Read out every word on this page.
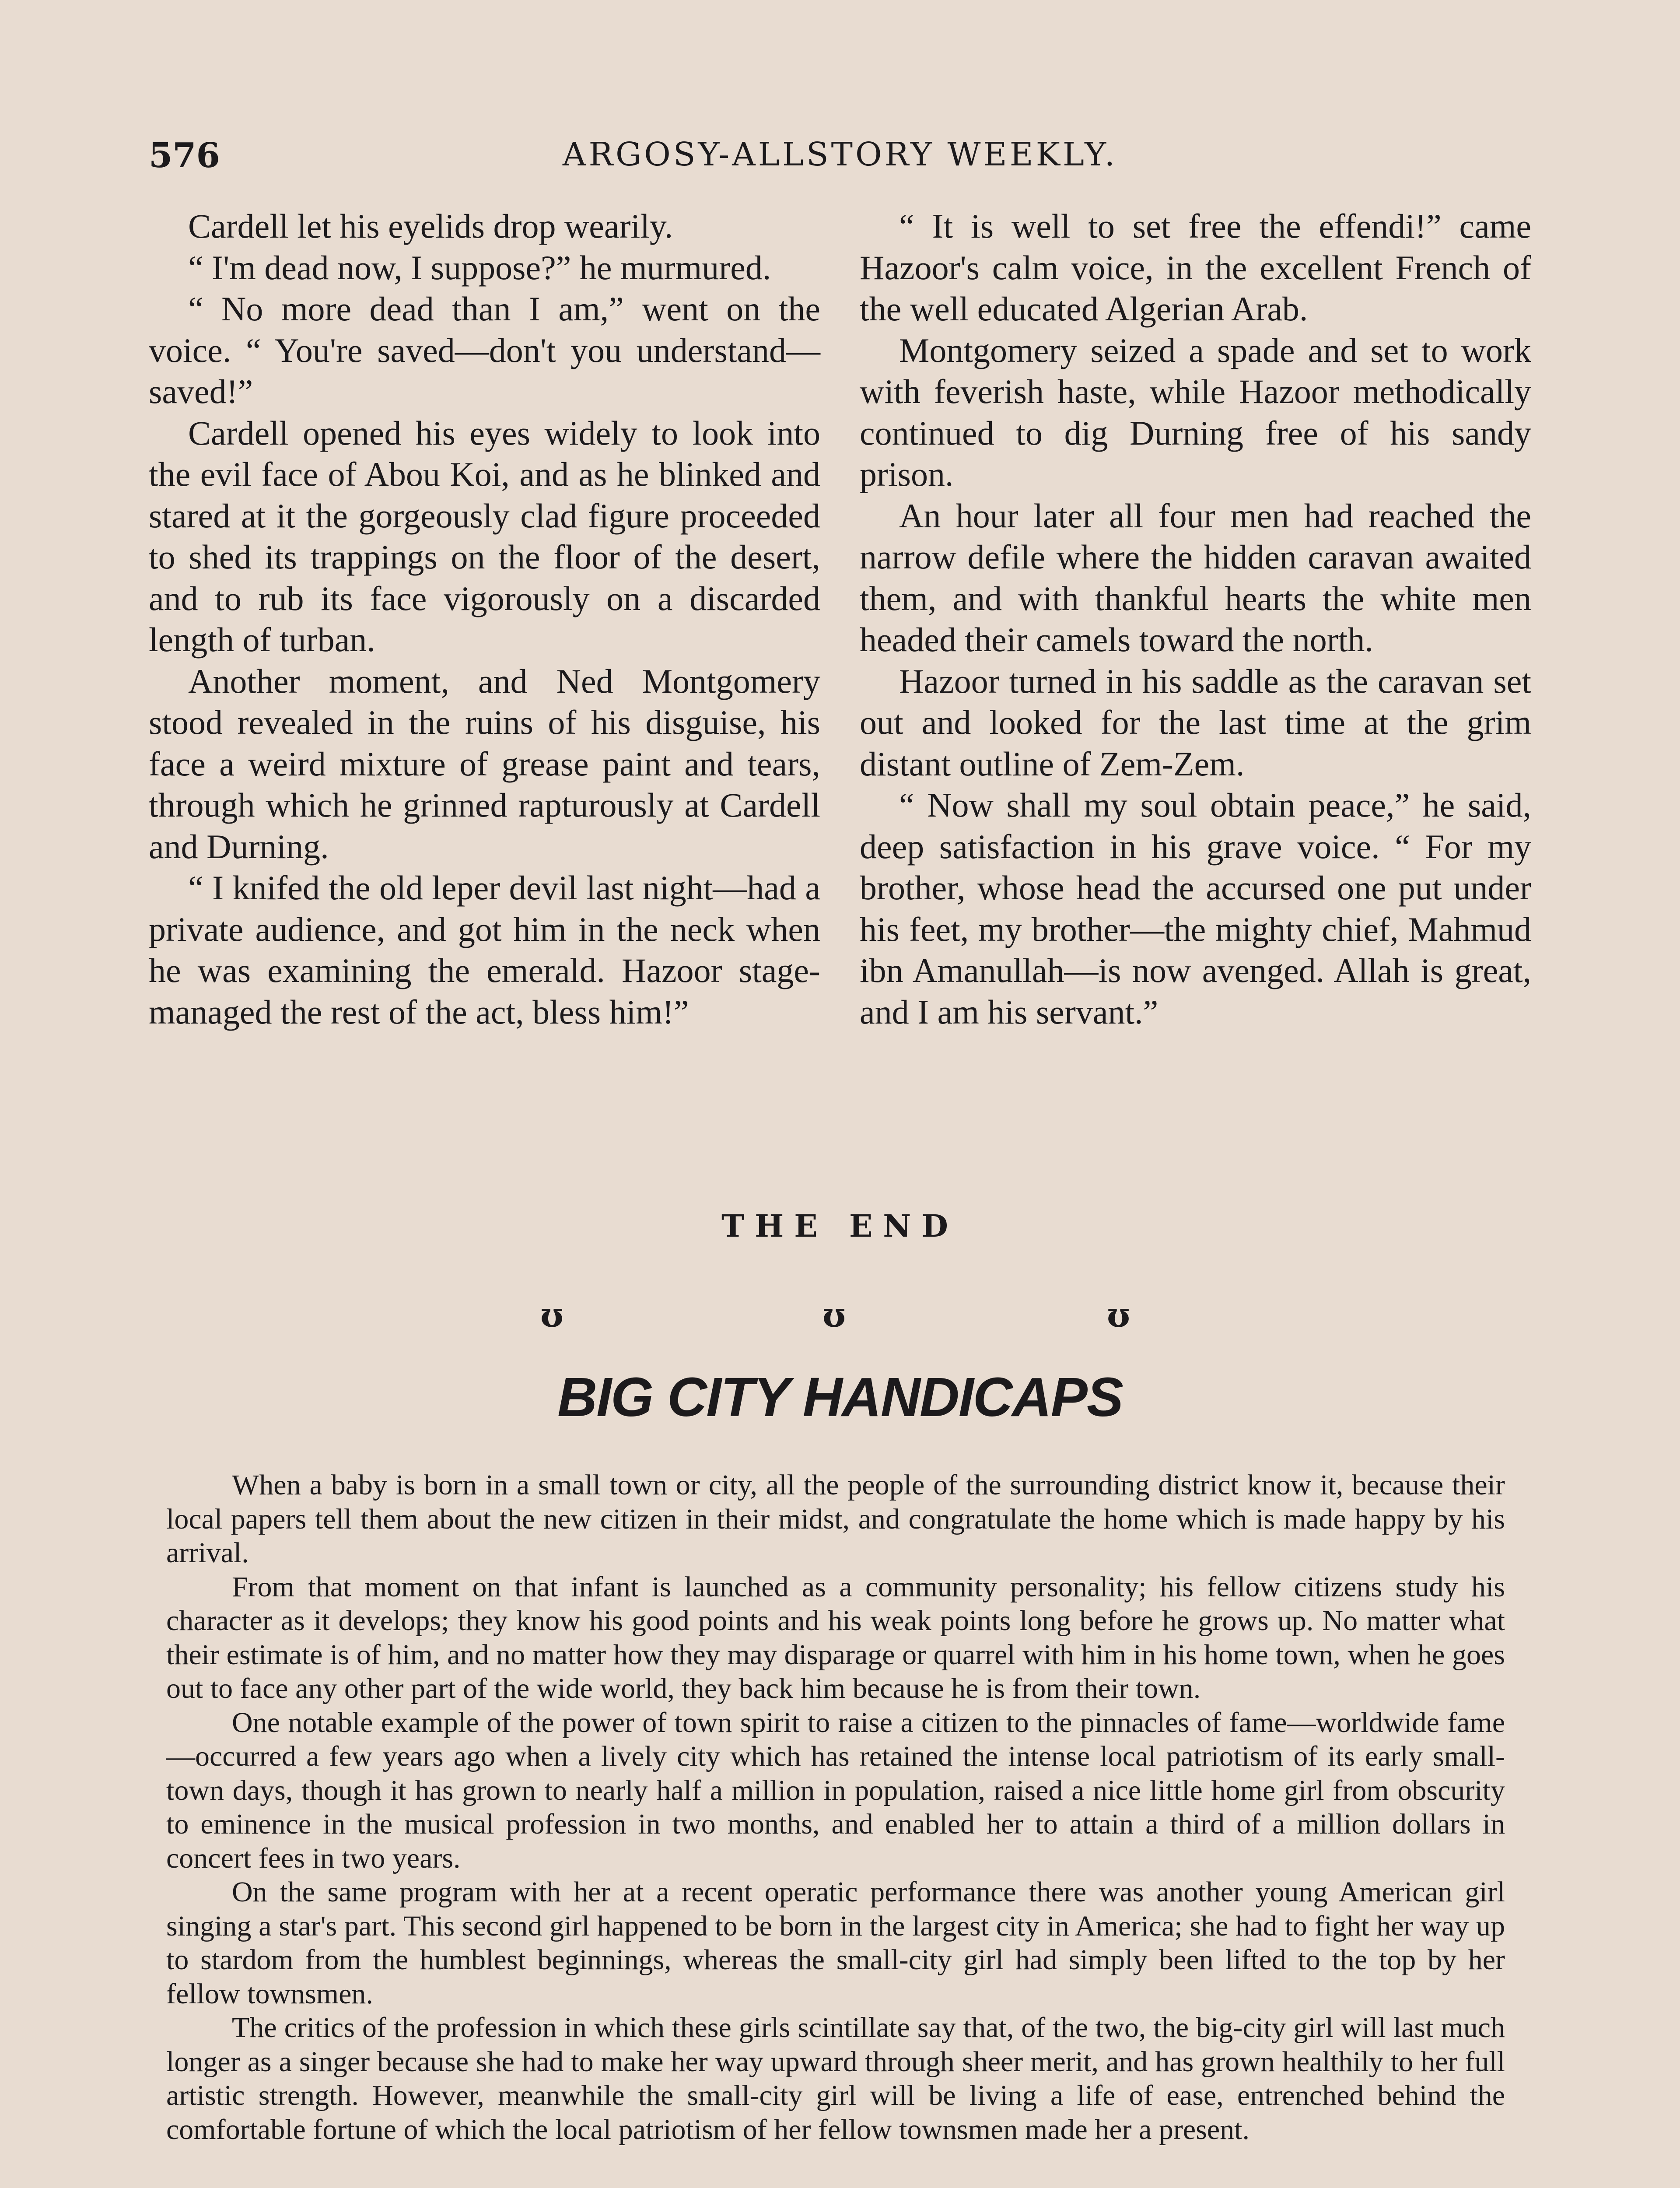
576	ARGOSY-ALLSTORY WEEKLY.

Cardell let his eyelids drop wearily.

“ I'm dead now, I suppose?” he murmured.

“ No more dead than I am,” went on the voice. “ You're saved—don't you understand—saved!”

Cardell opened his eyes widely to look into the evil face of Abou Koi, and as he blinked and stared at it the gorgeously clad figure proceeded to shed its trappings on the floor of the desert, and to rub its face vigorously on a discarded length of turban.

Another moment, and Ned Montgomery stood revealed in the ruins of his disguise, his face a weird mixture of grease paint and tears, through which he grinned rapturously at Cardell and Durning.

“ I knifed the old leper devil last night—had a private audience, and got him in the neck when he was examining the emerald. Hazoor stage-managed the rest of the act, bless him!”

“ It is well to set free the effendi!” came Hazoor's calm voice, in the excellent French of the well educated Algerian Arab.

Montgomery seized a spade and set to work with feverish haste, while Hazoor methodically continued to dig Durning free of his sandy prison.

An hour later all four men had reached the narrow defile where the hidden caravan awaited them, and with thankful hearts the white men headed their camels toward the north.

Hazoor turned in his saddle as the caravan set out and looked for the last time at the grim distant outline of Zem-Zem.

“ Now shall my soul obtain peace,” he said, deep satisfaction in his grave voice. “ For my brother, whose head the accursed one put under his feet, my brother—the mighty chief, Mahmud ibn Amanullah—is now avenged. Allah is great, and I am his servant.”

THE END
ʊ	ʊ	ʊ
BIG CITY HANDICAPS

When a baby is born in a small town or city, all the people of the surrounding district know it, because their local papers tell them about the new citizen in their midst, and congratulate the home which is made happy by his arrival.

From that moment on that infant is launched as a community personality; his fellow citizens study his character as it develops; they know his good points and his weak points long before he grows up. No matter what their estimate is of him, and no matter how they may disparage or quarrel with him in his home town, when he goes out to face any other part of the wide world, they back him because he is from their town.

One notable example of the power of town spirit to raise a citizen to the pinnacles of fame—worldwide fame—occurred a few years ago when a lively city which has retained the intense local patriotism of its early small-town days, though it has grown to nearly half a million in population, raised a nice little home girl from obscurity to eminence in the musical profession in two months, and enabled her to attain a third of a million dollars in concert fees in two years.

On the same program with her at a recent operatic performance there was another young American girl singing a star's part. This second girl happened to be born in the largest city in America; she had to fight her way up to stardom from the humblest beginnings, whereas the small-city girl had simply been lifted to the top by her fellow townsmen.

The critics of the profession in which these girls scintillate say that, of the two, the big-city girl will last much longer as a singer because she had to make her way upward through sheer merit, and has grown healthily to her full artistic strength. However, meanwhile the small-city girl will be living a life of ease, entrenched behind the comfortable fortune of which the local patriotism of her fellow townsmen made her a present.
